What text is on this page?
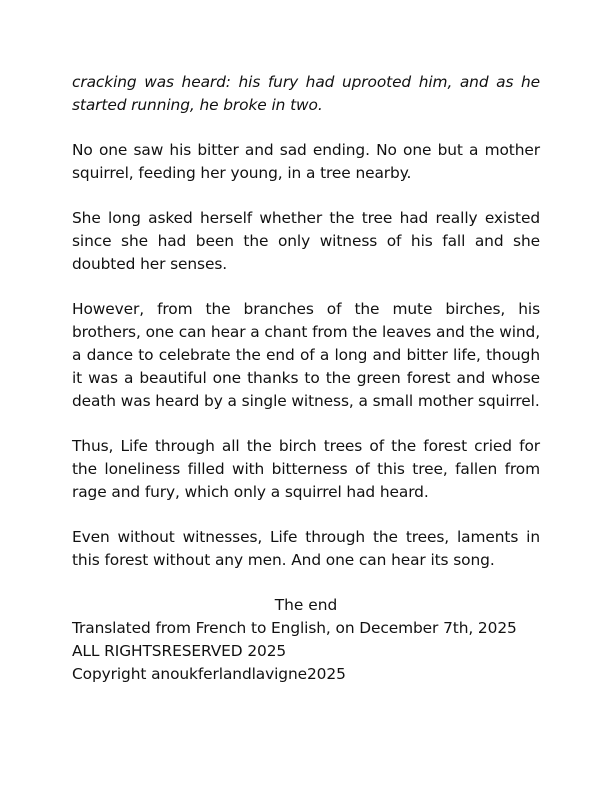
cracking was heard: his fury had uprooted him, and as he started running, he broke in two.

No one saw his bitter and sad ending. No one but a mother squirrel, feeding her young, in a tree nearby.

She long asked herself whether the tree had really existed since she had been the only witness of his fall and she doubted her senses.

However, from the branches of the mute birches, his brothers, one can hear a chant from the leaves and the wind, a dance to celebrate the end of a long and bitter life, though it was a beautiful one thanks to the green forest and whose death was heard by a single witness, a small mother squirrel.

Thus, Life through all the birch trees of the forest cried for the loneliness filled with bitterness of this tree, fallen from rage and fury, which only a squirrel had heard.

Even without witnesses, Life through the trees, laments in this forest without any men. And one can hear its song.

The end

Translated from French to English, on December 7th, 2025

ALL RIGHTSRESERVED 2025

Copyright anoukferlandlavigne2025
